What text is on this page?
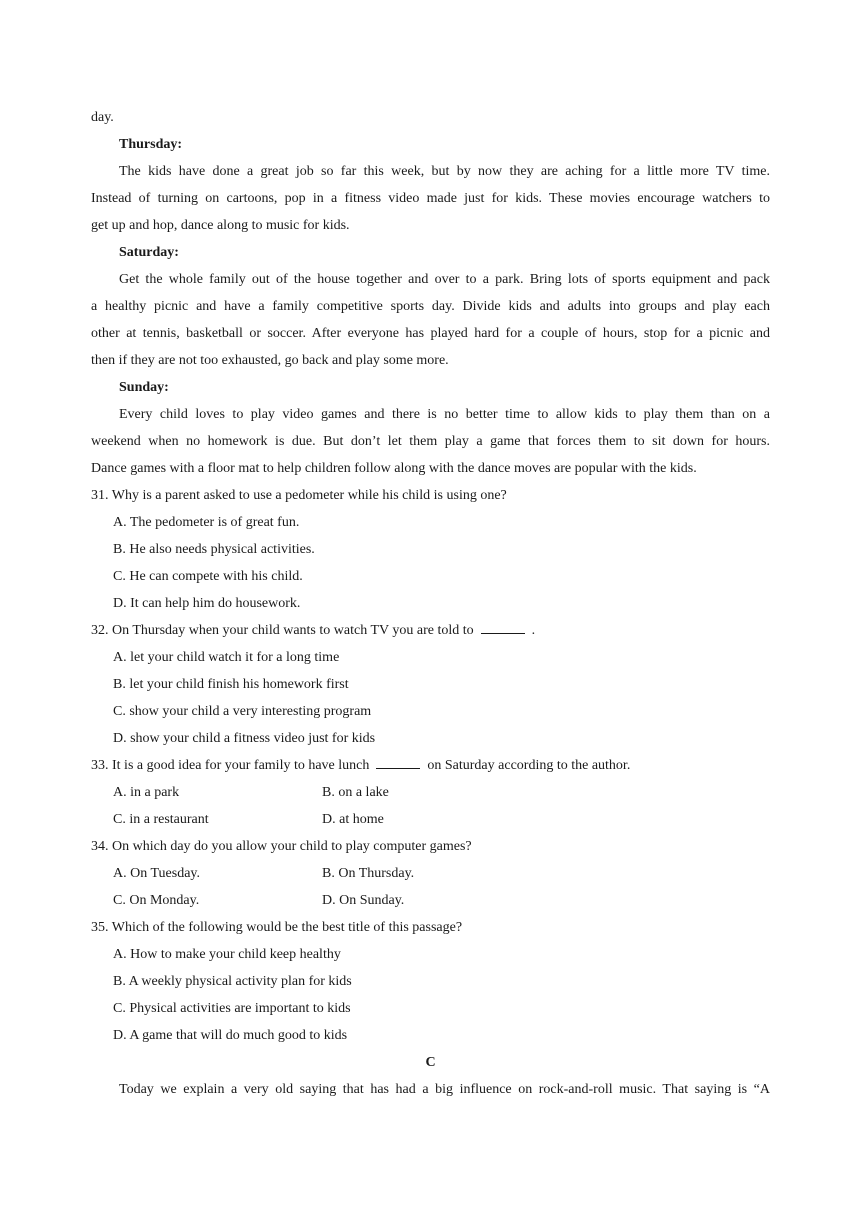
day.
Thursday:
The kids have done a great job so far this week, but by now they are aching for a little more TV time.
Instead of turning on cartoons, pop in a fitness video made just for kids. These movies encourage watchers to
get up and hop, dance along to music for kids.
Saturday:
Get the whole family out of the house together and over to a park. Bring lots of sports equipment and pack
a healthy picnic and have a family competitive sports day. Divide kids and adults into groups and play each
other at tennis, basketball or soccer. After everyone has played hard for a couple of hours, stop for a picnic and
then if they are not too exhausted, go back and play some more.
Sunday:
Every child loves to play video games and there is no better time to allow kids to play them than on a
weekend when no homework is due. But don’t let them play a game that forces them to sit down for hours.
Dance games with a floor mat to help children follow along with the dance moves are popular with the kids.
31. Why is a parent asked to use a pedometer while his child is using one?
A. The pedometer is of great fun.
B. He also needs physical activities.
C. He can compete with his child.
D. It can help him do housework.
32. On Thursday when your child wants to watch TV you are told to	.
A. let your child watch it for a long time
B. let your child finish his homework first
C. show your child a very interesting program
D. show your child a fitness video just for kids
33. It is a good idea for your family to have lunch	on Saturday according to the author.
A. in a park	B. on a lake
C. in a restaurant	D. at home
34. On which day do you allow your child to play computer games?
A. On Tuesday.	B. On Thursday.
C. On Monday.	D. On Sunday.
35. Which of the following would be the best title of this passage?
A. How to make your child keep healthy
B. A weekly physical activity plan for kids
C. Physical activities are important to kids
D. A game that will do much good to kids
C
Today we explain a very old saying that has had a big influence on rock-and-roll music. That saying is “A
